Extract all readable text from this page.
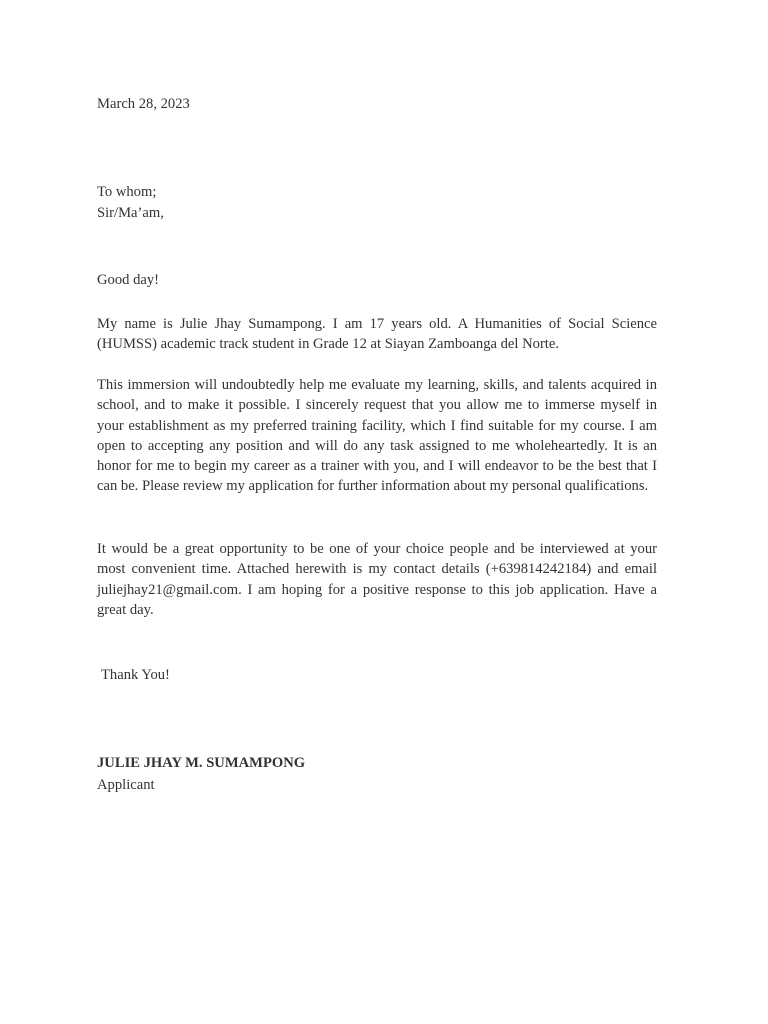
March 28, 2023
To whom;
Sir/Ma’am,
Good day!
My name is Julie Jhay Sumampong. I am 17 years old. A Humanities of Social Science (HUMSS) academic track student in Grade 12 at Siayan Zamboanga del Norte.
This immersion will undoubtedly help me evaluate my learning, skills, and talents acquired in school, and to make it possible. I sincerely request that you allow me to immerse myself in your establishment as my preferred training facility, which I find suitable for my course. I am open to accepting any position and will do any task assigned to me wholeheartedly. It is an honor for me to begin my career as a trainer with you, and I will endeavor to be the best that I can be. Please review my application for further information about my personal qualifications.
It would be a great opportunity to be one of your choice people and be interviewed at your most convenient time. Attached herewith is my contact details (+639814242184) and email juliejhay21@gmail.com. I am hoping for a positive response to this job application. Have a great day.
Thank You!
JULIE JHAY M. SUMAMPONG
Applicant
